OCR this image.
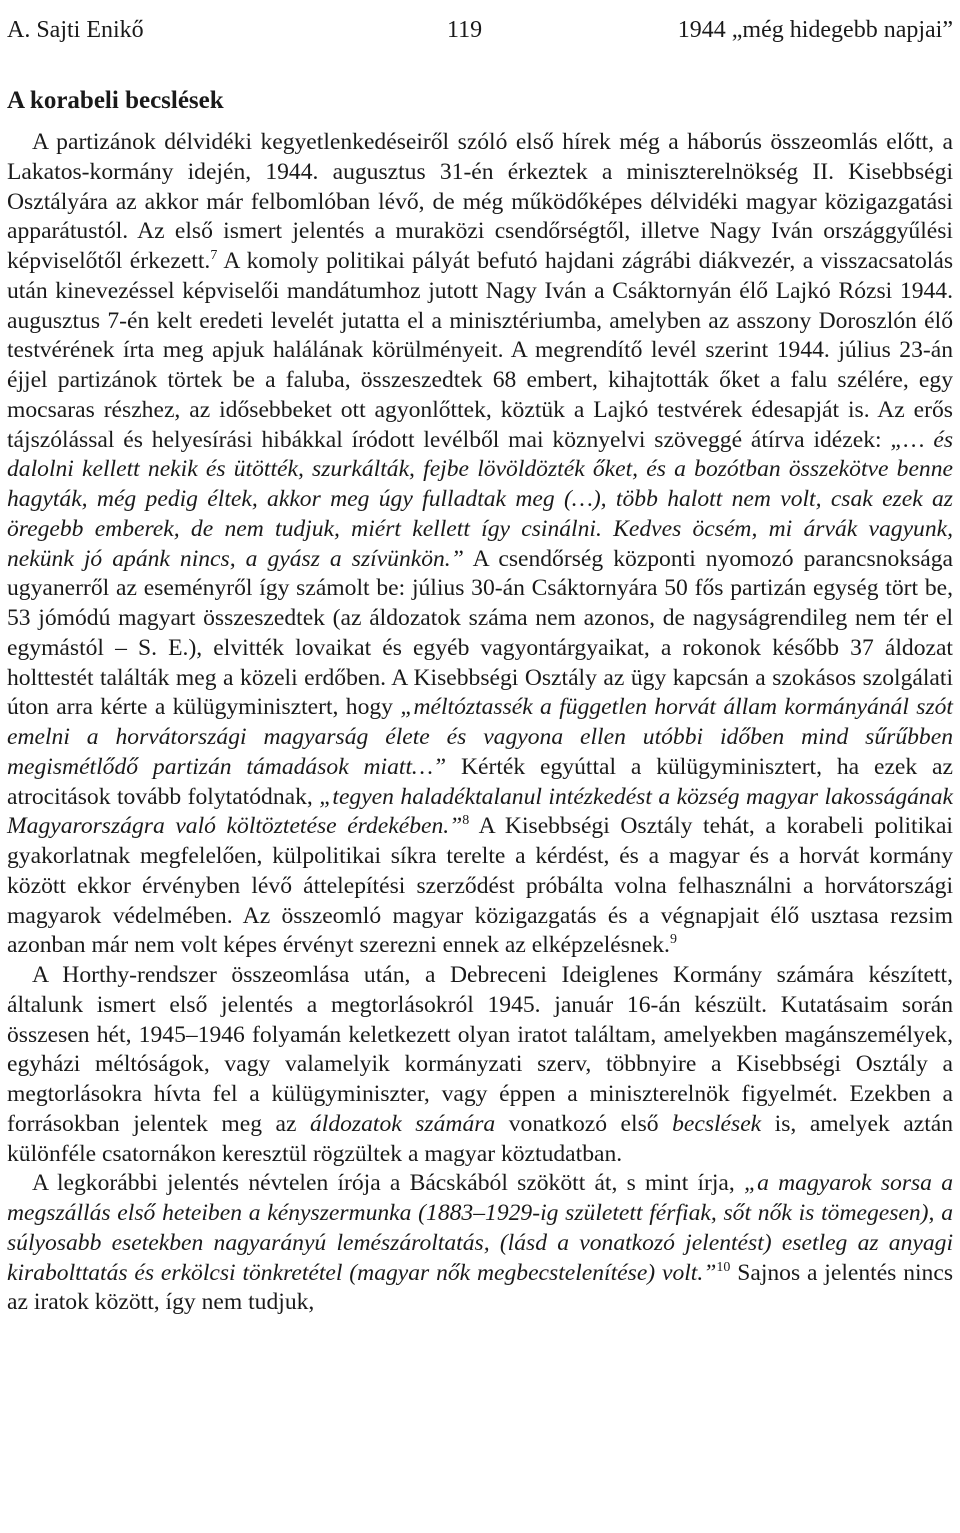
A. Sajti Enikő	119	1944 „még hidegebb napjai”
A korabeli becslések

A partizánok délvidéki kegyetlenkedéseiről szóló első hírek még a háborús összeomlás előtt, a Lakatos-kormány idején, 1944. augusztus 31-én érkeztek a miniszterelnökség II. Kisebbségi Osztályára az akkor már felbomlóban lévő, de még működőképes délvidéki magyar közigazgatási apparátustól. Az első ismert jelentés a muraközi csendőrségtől, illetve Nagy Iván országgyűlési képviselőtől érkezett.$^7$ A komoly politikai pályát befutó hajdani zágrábi diákvezér, a visszacsatolás után kinevezéssel képviselői mandátumhoz jutott Nagy Iván a Csáktornyán élő Lajkó Rózsi 1944. augusztus 7-én kelt eredeti levelét jutatta el a minisztériumba, amelyben az asszony Doroszlón élő testvérének írta meg apjuk halálának körülményeit. A megrendítő levél szerint 1944. július 23-án éjjel partizánok törtek be a faluba, összeszedtek 68 embert, kihajtották őket a falu szélére, egy mocsaras részhez, az idősebbeket ott agyonlőttek, köztük a Lajkó testvérek édesapját is. Az erős tájszólással és helyesírási hibákkal íródott levélből mai köznyelvi szöveggé átírva idézek: „… és dalolni kellett nekik és ütötték, szurkálták, fejbe lövöldözték őket, és a bozótban összekötve benne hagyták, még pedig éltek, akkor meg úgy fulladtak meg (…), több halott nem volt, csak ezek az öregebb emberek, de nem tudjuk, miért kellett így csinálni. Kedves öcsém, mi árvák vagyunk, nekünk jó apánk nincs, a gyász a szívünkön.” A csendőrség központi nyomozó parancsnoksága ugyanerről az eseményről így számolt be: július 30-án Csáktornyára 50 fős partizán egység tört be, 53 jómódú magyart összeszedtek (az áldozatok száma nem azonos, de nagyságrendileg nem tér el egymástól – S. E.), elvitték lovaikat és egyéb vagyontárgyaikat, a rokonok később 37 áldozat holttestét találták meg a közeli erdőben. A Kisebbségi Osztály az ügy kapcsán a szokásos szolgálati úton arra kérte a külügyminisztert, hogy „méltóztassék a független horvát állam kormányánál szót emelni a horvátországi magyarság élete és vagyona ellen utóbbi időben mind sűrűbben megismétlődő partizán támadások miatt…” Kérték egyúttal a külügyminisztert, ha ezek az atrocitások tovább folytatódnak, „tegyen haladéktalanul intézkedést a község magyar lakosságának Magyarországra való költöztetése érdekében.”$^8$ A Kisebbségi Osztály tehát, a korabeli politikai gyakorlatnak megfelelően, külpolitikai síkra terelte a kérdést, és a magyar és a horvát kormány között ekkor érvényben lévő áttelepítési szerződést próbálta volna felhasználni a horvátországi magyarok védelmében. Az összeomló magyar közigazgatás és a végnapjait élő usztasa rezsim azonban már nem volt képes érvényt szerezni ennek az elképzelésnek.$^9$

A Horthy-rendszer összeomlása után, a Debreceni Ideiglenes Kormány számára készített, általunk ismert első jelentés a megtorlásokról 1945. január 16-án készült. Kutatásaim során összesen hét, 1945–1946 folyamán keletkezett olyan iratot találtam, amelyekben magánszemélyek, egyházi méltóságok, vagy valamelyik kormányzati szerv, többnyire a Kisebbségi Osztály a megtorlásokra hívta fel a külügyminiszter, vagy éppen a miniszterelnök figyelmét. Ezekben a forrásokban jelentek meg az áldozatok számára vonatkozó első becslések is, amelyek aztán különféle csatornákon keresztül rögzültek a magyar köztudatban.

A legkorábbi jelentés névtelen írója a Bácskából szökött át, s mint írja, „a magyarok sorsa a megszállás első heteiben a kényszermunka (1883–1929-ig született férfiak, sőt nők is tömegesen), a súlyosabb esetekben nagyarányú lemészároltatás, (lásd a vonatkozó jelentést) esetleg az anyagi kirabolttatás és erkölcsi tönkretétel (magyar nők megbecstelenítése) volt.”$^{10}$ Sajnos a jelentés nincs az iratok között, így nem tudjuk,
